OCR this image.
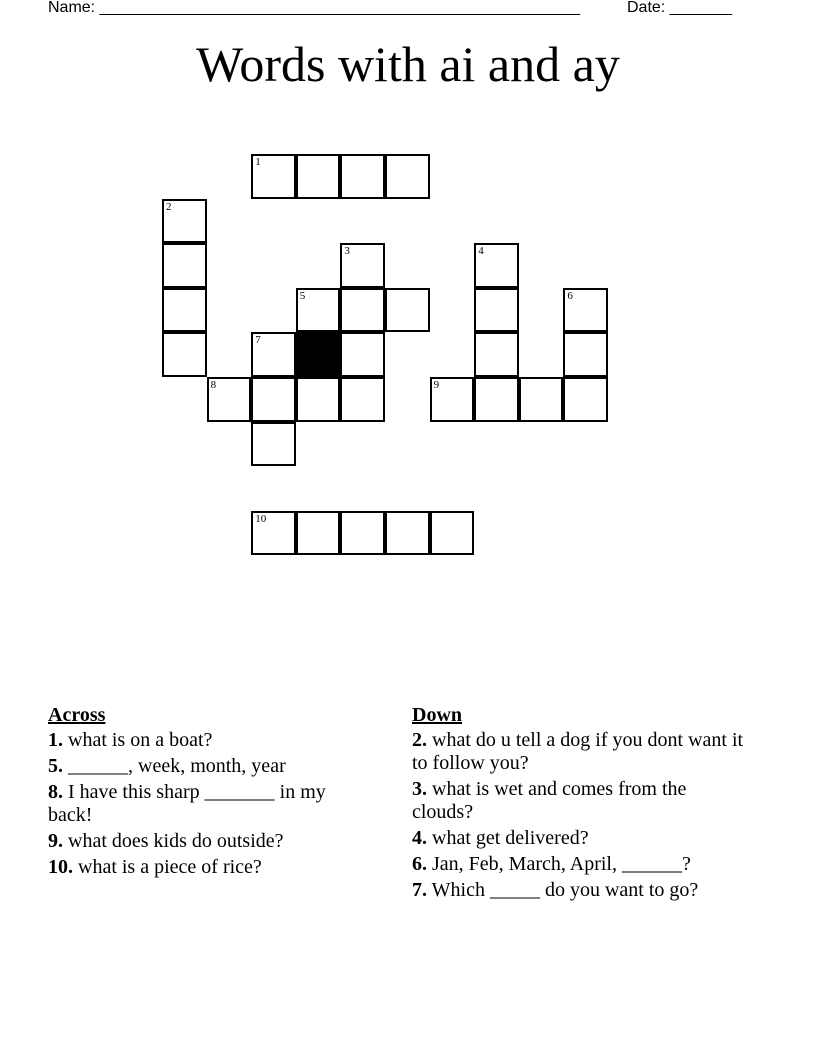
Name: ______________________________________________________	Date: _______
Words with ai and ay
1
2
3	4
5	6
7
8	9
10
Across
1. what is on a boat?
5. ______, week, month, year
8. I have this sharp _______ in my back!
9. what does kids do outside?
10. what is a piece of rice?
Down
2. what do u tell a dog if you dont want it to follow you?
3. what is wet and comes from the clouds?
4. what get delivered?
6. Jan, Feb, March, April, ______?
7. Which _____ do you want to go?
